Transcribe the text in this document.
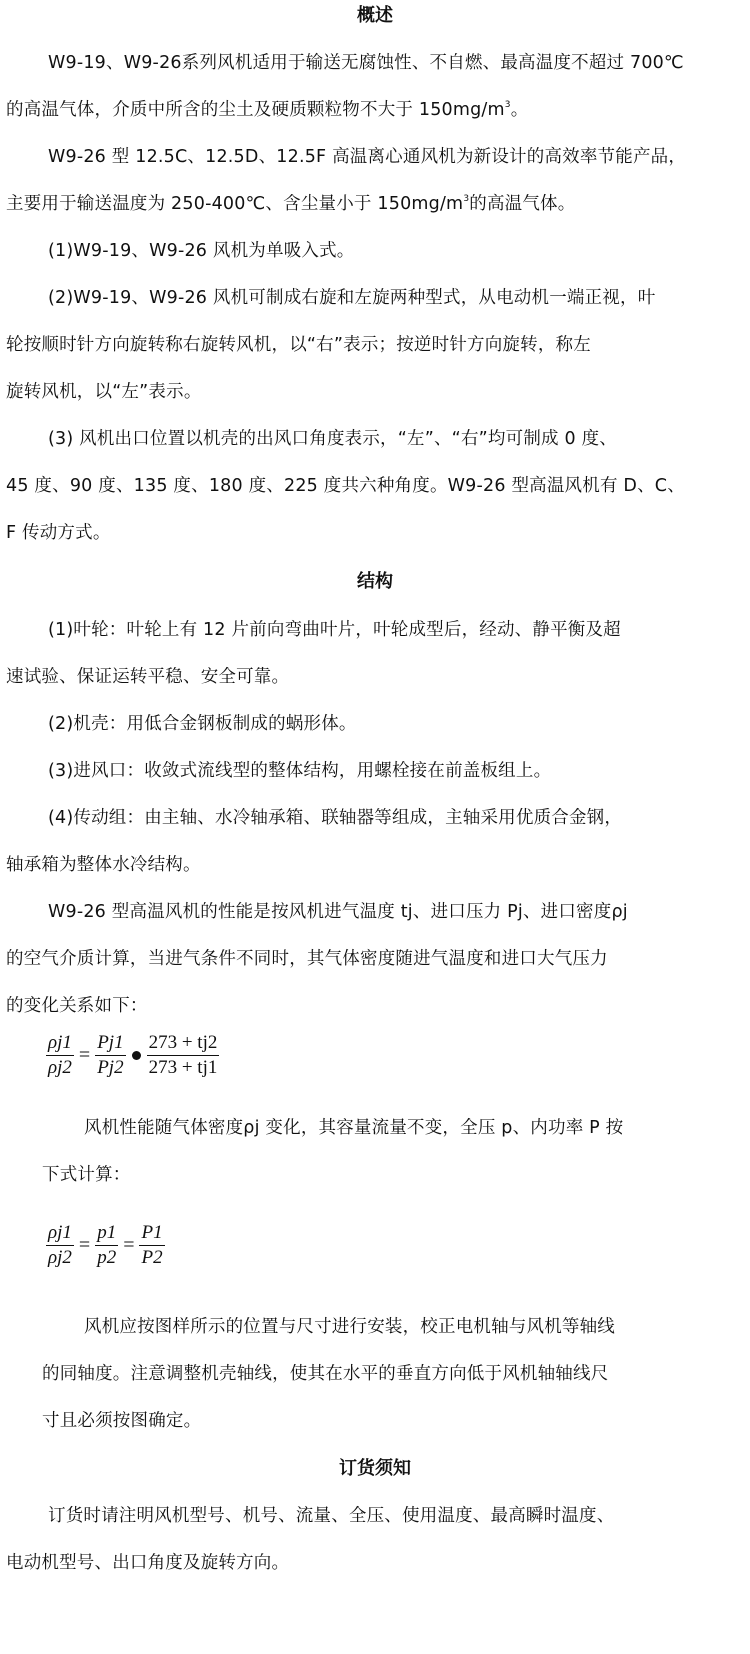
概述
W9-19、W9-26系列风机适用于输送无腐蚀性、不自燃、最高温度不超过 700℃
的高温气体，介质中所含的尘土及硬质颗粒物不大于 $150mg/m^3$。
W9-26 型 12.5C、12.5D、12.5F 高温离心通风机为新设计的高效率节能产品，
主要用于输送温度为 250-400℃、含尘量小于 $150mg/m^3$的高温气体。
(1)W9-19、W9-26 风机为单吸入式。
(2)W9-19、W9-26 风机可制成右旋和左旋两种型式，从电动机一端正视，叶
轮按顺时针方向旋转称右旋转风机，以“右”表示；按逆时针方向旋转，称左
旋转风机，以“左”表示。
(3) 风机出口位置以机壳的出风口角度表示，“左”、“右”均可制成 0 度、
45 度、90 度、135 度、180 度、225 度共六种角度。W9-26 型高温风机有 D、C、
F 传动方式。
结构
(1)叶轮：叶轮上有 12 片前向弯曲叶片，叶轮成型后，经动、静平衡及超
速试验、保证运转平稳、安全可靠。
(2)机壳：用低合金钢板制成的蜗形体。
(3)进风口：收敛式流线型的整体结构，用螺栓接在前盖板组上。
(4)传动组：由主轴、水冷轴承箱、联轴器等组成，主轴采用优质合金钢，
轴承箱为整体水冷结构。
W9-26 型高温风机的性能是按风机进气温度 tj、进口压力 Pj、进口密度ρj
的空气介质计算，当进气条件不同时，其气体密度随进气温度和进口大气压力
的变化关系如下：
$\frac{\rho j1}{\rho j2} = \frac{Pj1}{Pj2} \frac{273 + tj2}{273 + tj1}$
风机性能随气体密度ρj 变化，其容量流量不变，全压 p、内功率 P 按
下式计算：
$\frac{\rho j1}{\rho j2} = \frac{p1}{p2} = \frac{P1}{P2}$
风机应按图样所示的位置与尺寸进行安装，校正电机轴与风机等轴线
的同轴度。注意调整机壳轴线，使其在水平的垂直方向低于风机轴轴线尺
寸且必须按图确定。
订货须知
订货时请注明风机型号、机号、流量、全压、使用温度、最高瞬时温度、
电动机型号、出口角度及旋转方向。
